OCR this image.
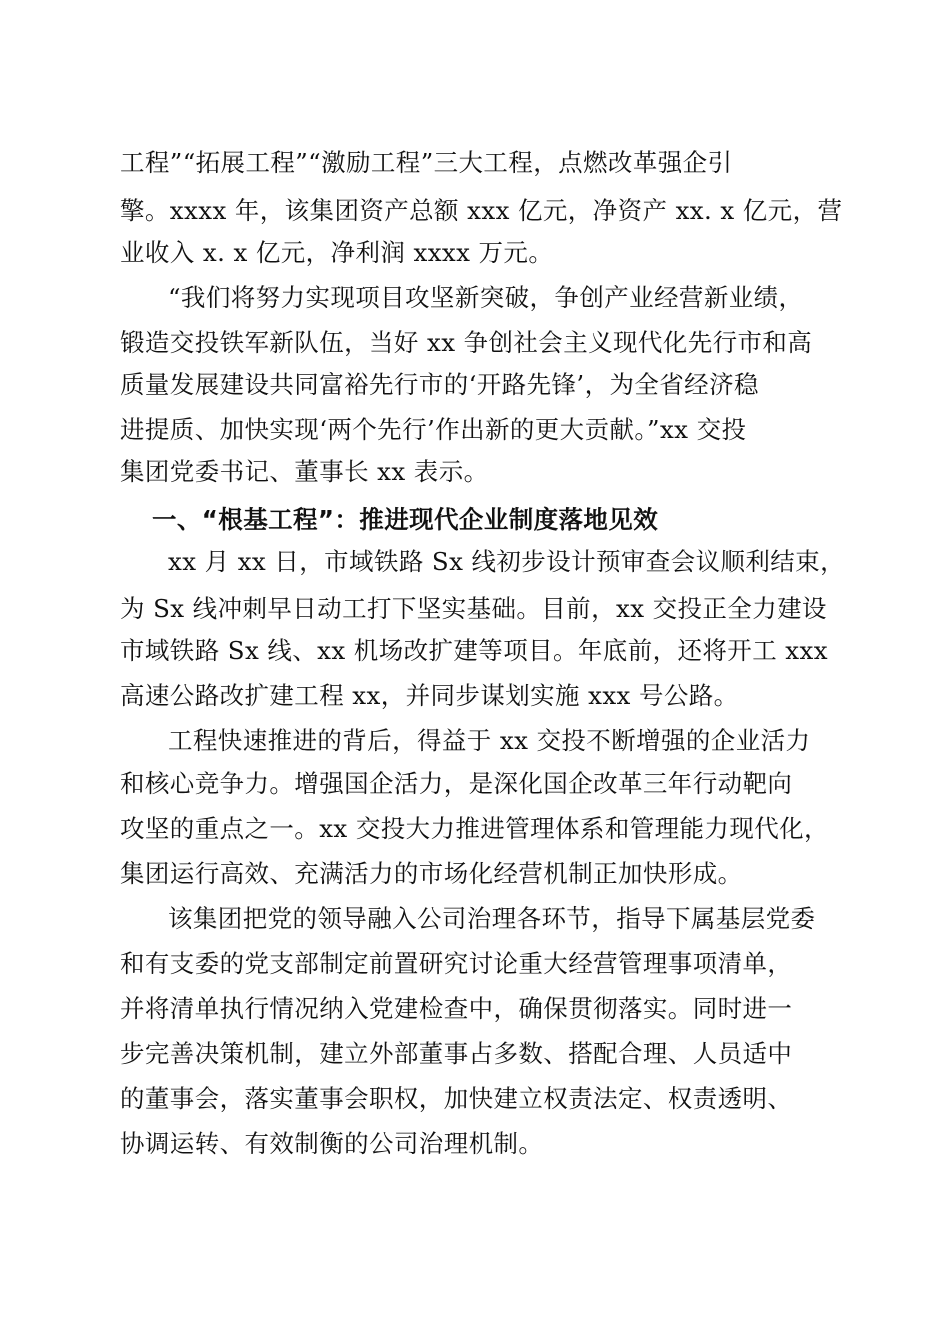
工程”“拓展工程”“激励工程”三大工程，点燃改革强企引

擎。xxxx 年，该集团资产总额 xxx 亿元，净资产 xx. x 亿元，营

业收入 x. x 亿元，净利润 xxxx 万元。

“我们将努力实现项目攻坚新突破，争创产业经营新业绩，

锻造交投铁军新队伍，当好 xx 争创社会主义现代化先行市和高

质量发展建设共同富裕先行市的‘开路先锋’，为全省经济稳

进提质、加快实现‘两个先行’作出新的更大贡献。”xx 交投

集团党委书记、董事长 xx 表示。

一、“根基工程”：推进现代企业制度落地见效

xx 月 xx 日，市域铁路 Sx 线初步设计预审查会议顺利结束，

为 Sx 线冲刺早日动工打下坚实基础。目前，xx 交投正全力建设

市域铁路 Sx 线、xx 机场改扩建等项目。年底前，还将开工 xxx

高速公路改扩建工程 xx，并同步谋划实施 xxx 号公路。

工程快速推进的背后，得益于 xx 交投不断增强的企业活力

和核心竞争力。增强国企活力，是深化国企改革三年行动靶向

攻坚的重点之一。xx 交投大力推进管理体系和管理能力现代化，

集团运行高效、充满活力的市场化经营机制正加快形成。

该集团把党的领导融入公司治理各环节，指导下属基层党委

和有支委的党支部制定前置研究讨论重大经营管理事项清单，

并将清单执行情况纳入党建检查中，确保贯彻落实。同时进一

步完善决策机制，建立外部董事占多数、搭配合理、人员适中

的董事会，落实董事会职权，加快建立权责法定、权责透明、

协调运转、有效制衡的公司治理机制。
